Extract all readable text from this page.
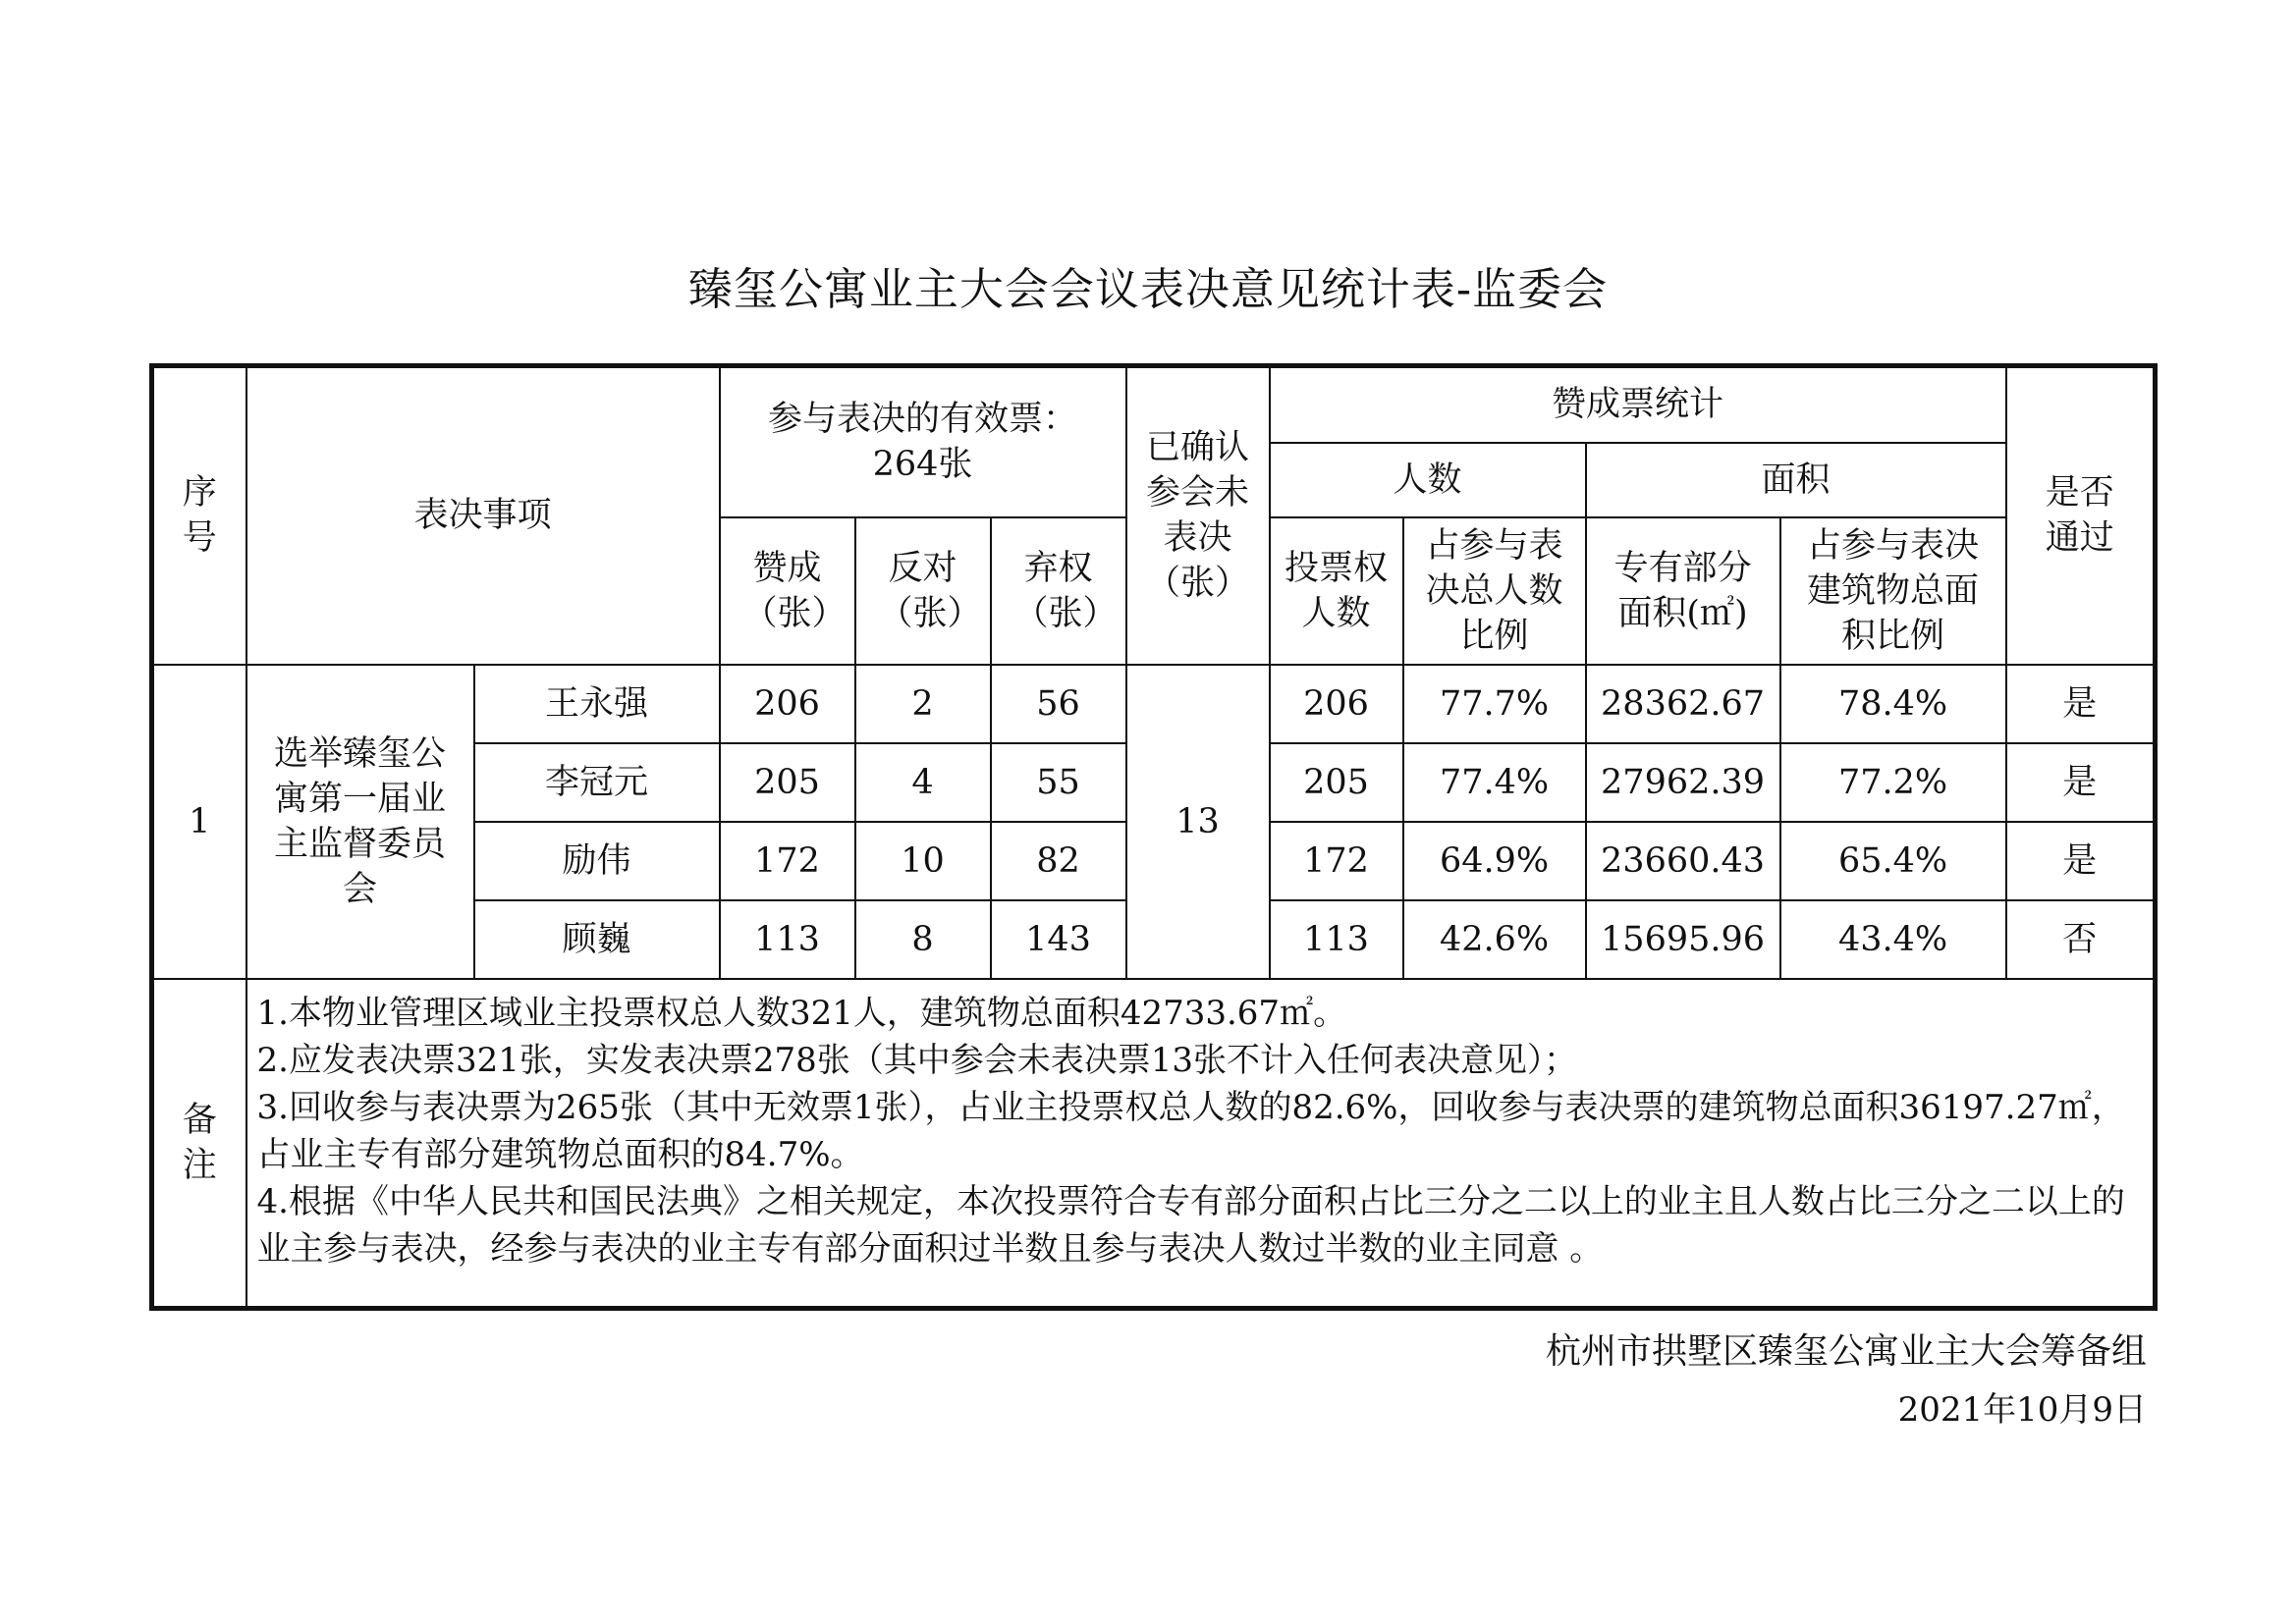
臻玺公寓业主大会会议表决意见统计表-监委会
序号	表决事项		参与表决的有效票：264张			已确认参会未表决（张）	赞成票统计				是否通过
							人数		面积		
			赞成（张）	反对（张）	弃权（张）		投票权人数	占参与表决总人数比例	专有部分面积(㎡)	占参与表决建筑物总面积比例	
1	选举臻玺公寓第一届业主监督委员会	王永强	206	2	56	13	206	77.7%	28362.67	78.4%	是
		李冠元	205	4	55		205	77.4%	27962.39	77.2%	是
		励伟	172	10	82		172	64.9%	23660.43	65.4%	是
		顾巍	113	8	143		113	42.6%	15695.96	43.4%	否
备注	1.本物业管理区域业主投票权总人数321人，建筑物总面积42733.67㎡。
2.应发表决票321张，实发表决票278张（其中参会未表决票13张不计入任何表决意见）；
3.回收参与表决票为265张（其中无效票1张），占业主投票权总人数的82.6%，回收参与表决票的建筑物总面积36197.27㎡，占业主专有部分建筑物总面积的84.7%。
4.根据《中华人民共和国民法典》之相关规定，本次投票符合专有部分面积占比三分之二以上的业主且人数占比三分之二以上的业主参与表决，经参与表决的业主专有部分面积过半数且参与表决人数过半数的业主同意 。										
杭州市拱墅区臻玺公寓业主大会筹备组
2021年10月9日
